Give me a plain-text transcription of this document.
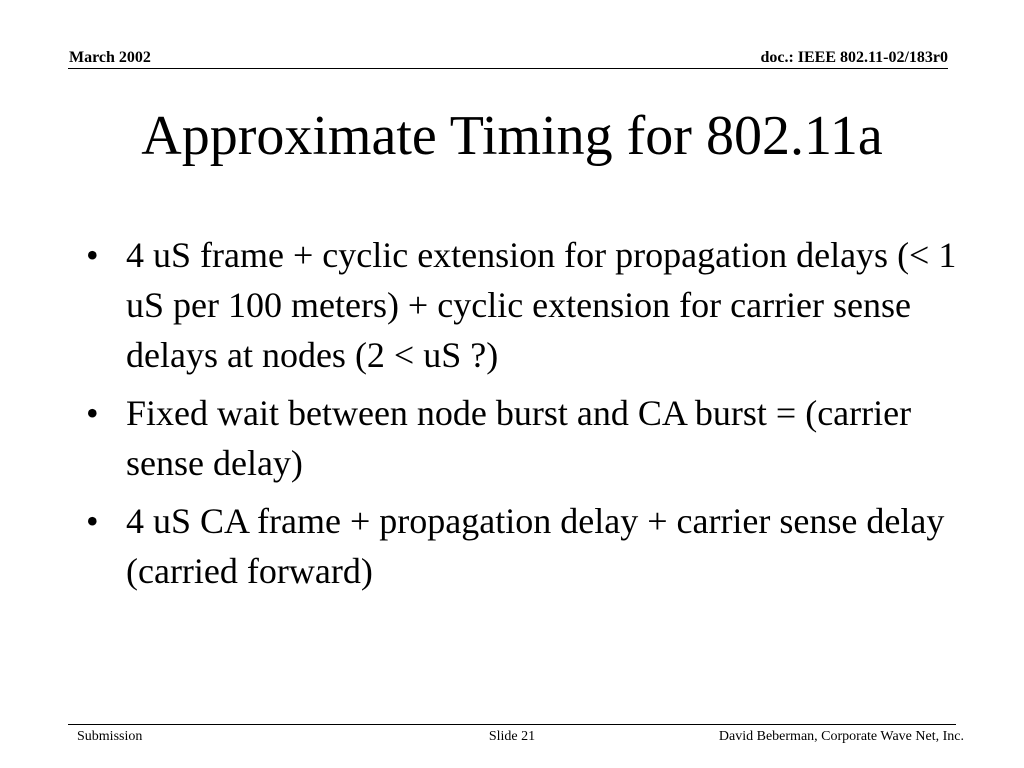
March 2002	doc.: IEEE 802.11-02/183r0
Approximate Timing for 802.11a
• 4 uS frame + cyclic extension for propagation delays (< 1 uS per 100 meters) + cyclic extension for carrier sense delays at nodes (2 < uS ?)
• Fixed wait between node burst and CA burst = (carrier sense delay)
• 4 uS CA frame + propagation delay + carrier sense delay (carried forward)
Submission	Slide 21	David Beberman, Corporate Wave Net, Inc.
